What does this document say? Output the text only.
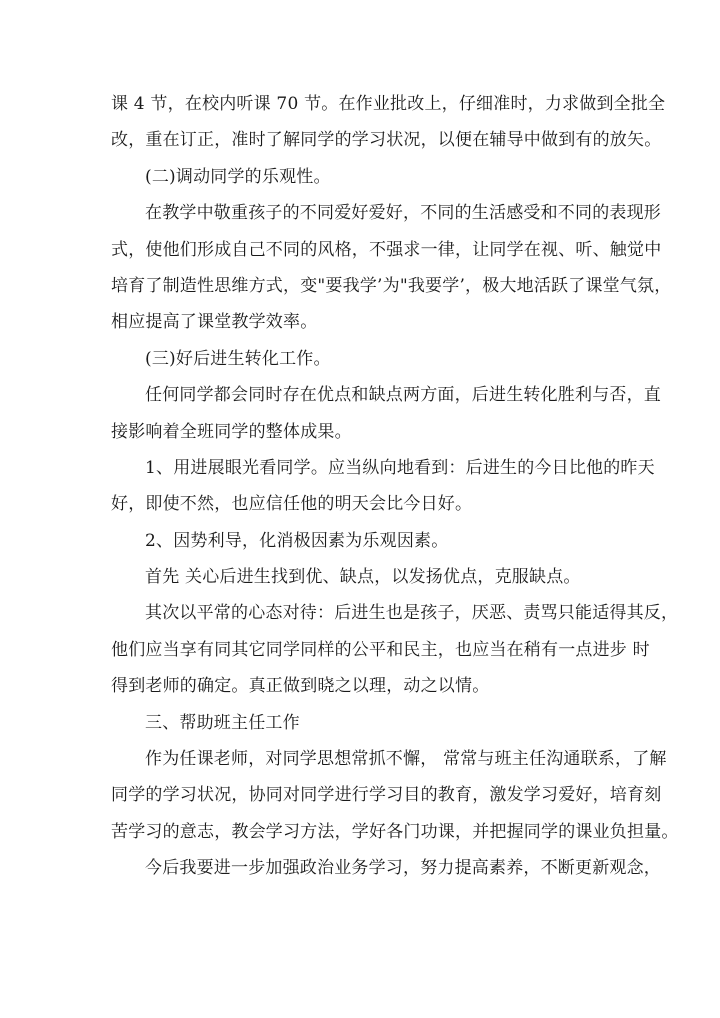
课 4 节，在校内听课 70 节。在作业批改上，仔细准时，力求做到全批全
改，重在订正，准时了解同学的学习状况，以便在辅导中做到有的放矢。
(二)调动同学的乐观性。
在教学中敬重孩子的不同爱好爱好，不同的生活感受和不同的表现形
式，使他们形成自己不同的风格，不强求一律，让同学在视、听、触觉中
培育了制造性思维方式，变"要我学’为"我要学’，极大地活跃了课堂气氛，
相应提高了课堂教学效率。
(三)好后进生转化工作。
任何同学都会同时存在优点和缺点两方面，后进生转化胜利与否，直
接影响着全班同学的整体成果。
1、用进展眼光看同学。应当纵向地看到：后进生的今日比他的昨天
好，即使不然，也应信任他的明天会比今日好。
2、因势利导，化消极因素为乐观因素。
首先 关心后进生找到优、缺点，以发扬优点，克服缺点。
其次以平常的心态对待：后进生也是孩子，厌恶、责骂只能适得其反，
他们应当享有同其它同学同样的公平和民主，也应当在稍有一点进步 时
得到老师的确定。真正做到晓之以理，动之以情。
三、帮助班主任工作
作为任课老师，对同学思想常抓不懈， 常常与班主任沟通联系，了解
同学的学习状况，协同对同学进行学习目的教育，激发学习爱好，培育刻
苦学习的意志，教会学习方法，学好各门功课，并把握同学的课业负担量。
今后我要进一步加强政治业务学习，努力提高素养，不断更新观念，
